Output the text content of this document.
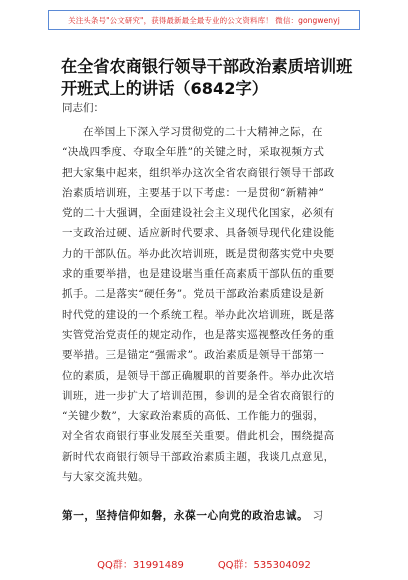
关注头条号"公文研究"，获得最新最全最专业的公文资料库！ 微信：gongwenyj
在全省农商银行领导干部政治素质培训班
开班式上的讲话（6842字）
同志们：
在举国上下深入学习贯彻党的二十大精神之际，在
“决战四季度、夺取全年胜”的关键之时，采取视频方式
把大家集中起来，组织举办这次全省农商银行领导干部政
治素质培训班，主要基于以下考虑：一是贯彻“新精神”
党的二十大强调，全面建设社会主义现代化国家，必须有
一支政治过硬、适应新时代要求、具备领导现代化建设能
力的干部队伍。举办此次培训班，既是贯彻落实党中央要
求的重要举措，也是建设堪当重任高素质干部队伍的重要
抓手。二是落实“硬任务”。党员干部政治素质建设是新
时代党的建设的一个系统工程。举办此次培训班，既是落
实管党治党责任的规定动作，也是落实巡视整改任务的重
要举措。三是锚定“强需求”。政治素质是领导干部第一
位的素质，是领导干部正确履职的首要条件。举办此次培
训班，进一步扩大了培训范围，参训的是全省农商银行的
“关键少数”，大家政治素质的高低、工作能力的强弱，
对全省农商银行事业发展至关重要。借此机会，围绕提高
新时代农商银行领导干部政治素质主题，我谈几点意见，
与大家交流共勉。
第一，坚持信仰如磐，永葆一心向党的政治忠诚。 习
QQ群：31991489	QQ群：535304092
